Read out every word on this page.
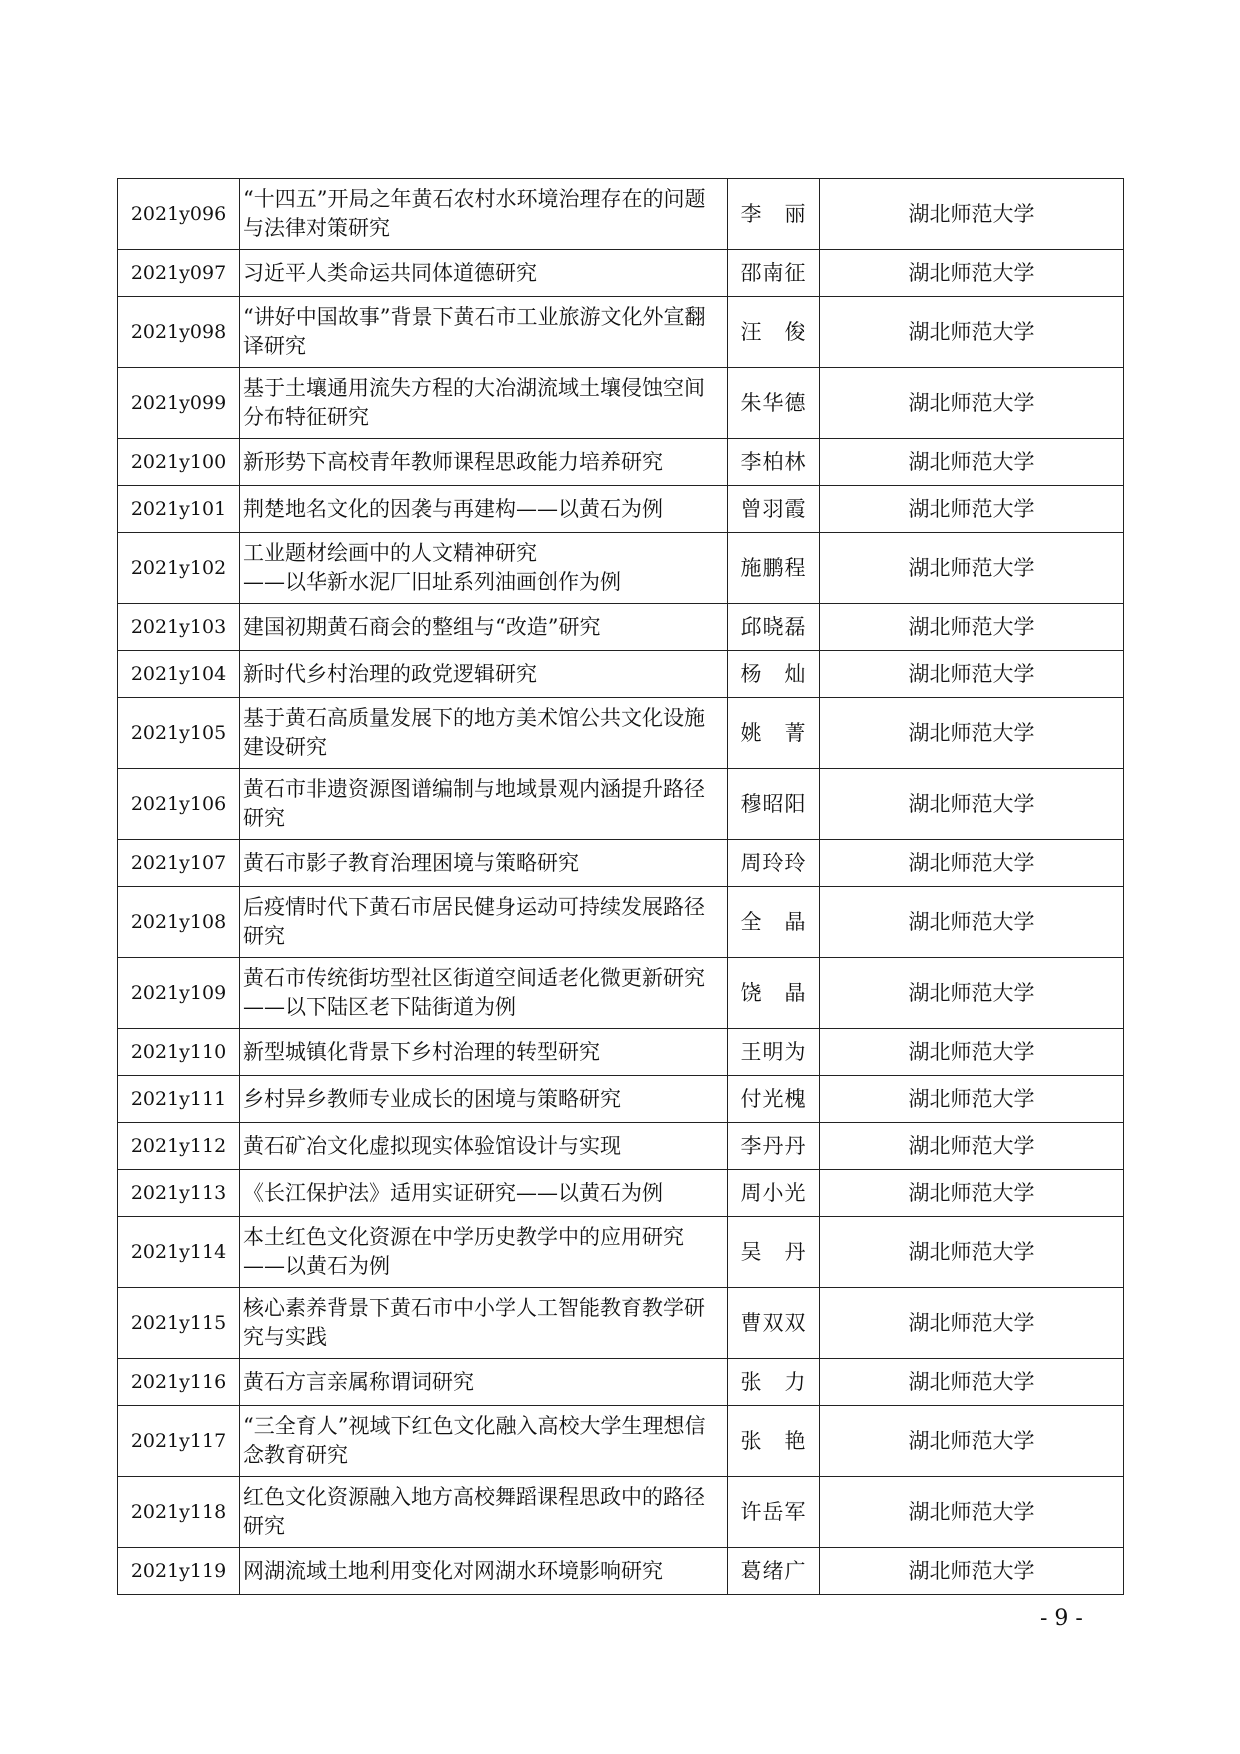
2021y096	“十四五”开局之年黄石农村水环境治理存在的问题与法律对策研究	李　丽	湖北师范大学
2021y097	习近平人类命运共同体道德研究	邵南征	湖北师范大学
2021y098	“讲好中国故事”背景下黄石市工业旅游文化外宣翻译研究	汪　俊	湖北师范大学
2021y099	基于土壤通用流失方程的大冶湖流域土壤侵蚀空间分布特征研究	朱华德	湖北师范大学
2021y100	新形势下高校青年教师课程思政能力培养研究	李柏林	湖北师范大学
2021y101	荆楚地名文化的因袭与再建构——以黄石为例	曾羽霞	湖北师范大学
2021y102	工业题材绘画中的人文精神研究
——以华新水泥厂旧址系列油画创作为例	施鹏程	湖北师范大学
2021y103	建国初期黄石商会的整组与“改造”研究	邱晓磊	湖北师范大学
2021y104	新时代乡村治理的政党逻辑研究	杨　灿	湖北师范大学
2021y105	基于黄石高质量发展下的地方美术馆公共文化设施建设研究	姚　菁	湖北师范大学
2021y106	黄石市非遗资源图谱编制与地域景观内涵提升路径研究	穆昭阳	湖北师范大学
2021y107	黄石市影子教育治理困境与策略研究	周玲玲	湖北师范大学
2021y108	后疫情时代下黄石市居民健身运动可持续发展路径研究	全　晶	湖北师范大学
2021y109	黄石市传统街坊型社区街道空间适老化微更新研究
——以下陆区老下陆街道为例	饶　晶	湖北师范大学
2021y110	新型城镇化背景下乡村治理的转型研究	王明为	湖北师范大学
2021y111	乡村异乡教师专业成长的困境与策略研究	付光槐	湖北师范大学
2021y112	黄石矿冶文化虚拟现实体验馆设计与实现	李丹丹	湖北师范大学
2021y113	《长江保护法》适用实证研究——以黄石为例	周小光	湖北师范大学
2021y114	本土红色文化资源在中学历史教学中的应用研究
——以黄石为例	吴　丹	湖北师范大学
2021y115	核心素养背景下黄石市中小学人工智能教育教学研究与实践	曹双双	湖北师范大学
2021y116	黄石方言亲属称谓词研究	张　力	湖北师范大学
2021y117	“三全育人”视域下红色文化融入高校大学生理想信念教育研究	张　艳	湖北师范大学
2021y118	红色文化资源融入地方高校舞蹈课程思政中的路径研究	许岳军	湖北师范大学
2021y119	网湖流域土地利用变化对网湖水环境影响研究	葛绪广	湖北师范大学
- 9 -
